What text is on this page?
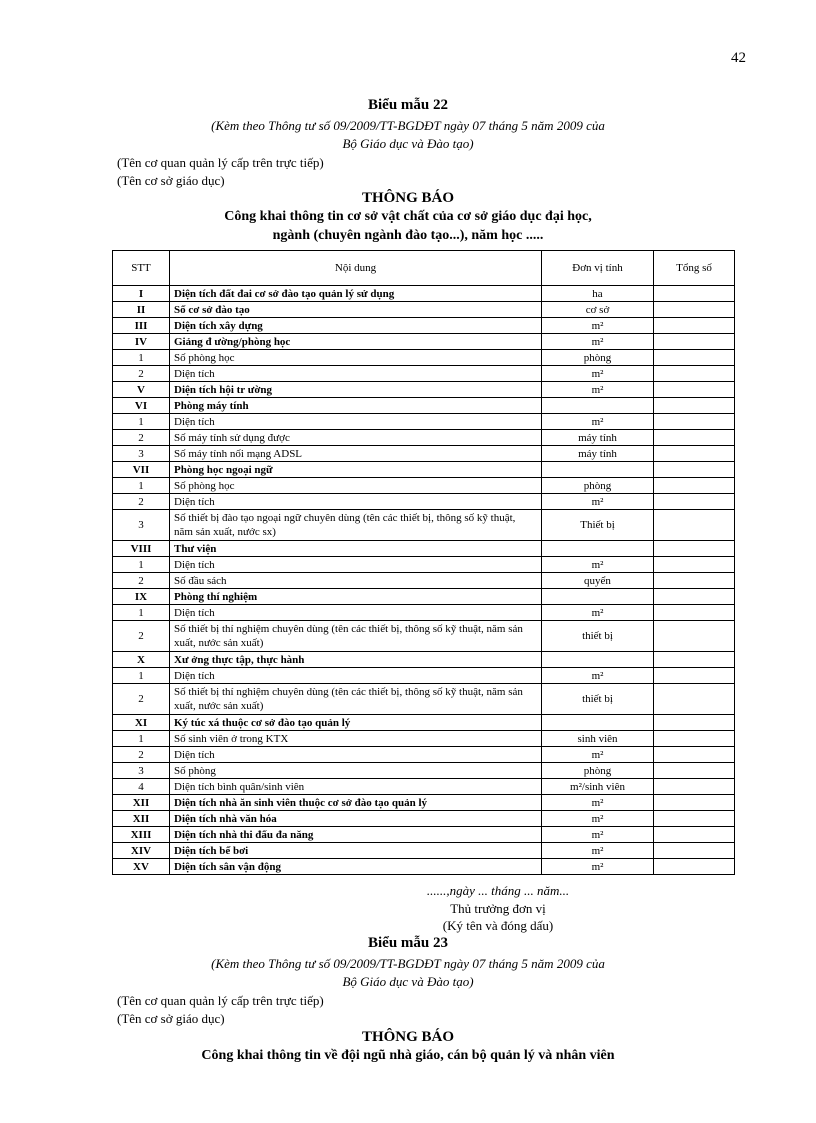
42
Biểu mẫu 22
(Kèm theo Thông tư số 09/2009/TT-BGDĐT ngày 07 tháng 5 năm 2009 của
Bộ Giáo dục và Đào tạo)
(Tên cơ quan quản lý cấp trên trực tiếp)
(Tên cơ sở giáo dục)
THÔNG BÁO
Công khai thông tin cơ sở vật chất của cơ sở giáo dục đại học,
ngành (chuyên ngành đào tạo...), năm học .....
STT	Nội dung	Đơn vị tính	Tổng số
I	Diện tích đất đai cơ sở đào tạo quản lý sử dụng	ha	
II	Số cơ sở đào tạo	cơ sở	
III	Diện tích xây dựng	m²	
IV	Giảng đ ường/phòng học	m²	
1	Số phòng học	phòng	
2	Diện tích	m²	
V	Diện tích hội tr ường	m²	
VI	Phòng máy tính		
1	Diện tích	m²	
2	Số máy tính sử dụng được	máy tính	
3	Số máy tính nối mạng ADSL	máy tính	
VII	Phòng học ngoại ngữ		
1	Số phòng học	phòng	
2	Diện tích	m²	
3	Số thiết bị đào tạo ngoại ngữ chuyên dùng (tên các thiết bị, thông số kỹ thuật, năm sản xuất, nước sx)	Thiết bị	
VIII	Thư viện		
1	Diện tích	m²	
2	Số đầu sách	quyển	
IX	Phòng thí nghiệm		
1	Diện tích	m²	
2	Số thiết bị thí nghiệm chuyên dùng (tên các thiết bị, thông số kỹ thuật, năm sản xuất, nước sản xuất)	thiết bị	
X	Xư ởng thực tập, thực hành		
1	Diện tích	m²	
2	Số thiết bị thí nghiệm chuyên dùng (tên các thiết bị, thông số kỹ thuật, năm sản xuất, nước sản xuất)	thiết bị	
XI	Ký túc xá thuộc cơ sở đào tạo quản lý		
1	Số sinh viên ở trong KTX	sinh viên	
2	Diện tích	m²	
3	Số phòng	phòng	
4	Diện tích bình quân/sinh viên	m²/sinh viên	
XII	Diện tích nhà ăn sinh viên thuộc cơ sở đào tạo quản lý	m²	
XII	Diện tích nhà văn hóa	m²	
XIII	Diện tích nhà thi đấu đa năng	m²	
XIV	Diện tích bể bơi	m²	
XV	Diện tích sân vận động	m²	
......,ngày ... tháng ... năm...
Thủ trưởng đơn vị
(Ký tên và đóng dấu)
Biểu mẫu 23
(Kèm theo Thông tư số 09/2009/TT-BGDĐT ngày 07 tháng 5 năm 2009 của
Bộ Giáo dục và Đào tạo)
(Tên cơ quan quản lý cấp trên trực tiếp)
(Tên cơ sở giáo dục)
THÔNG BÁO
Công khai thông tin về đội ngũ nhà giáo, cán bộ quản lý và nhân viên
